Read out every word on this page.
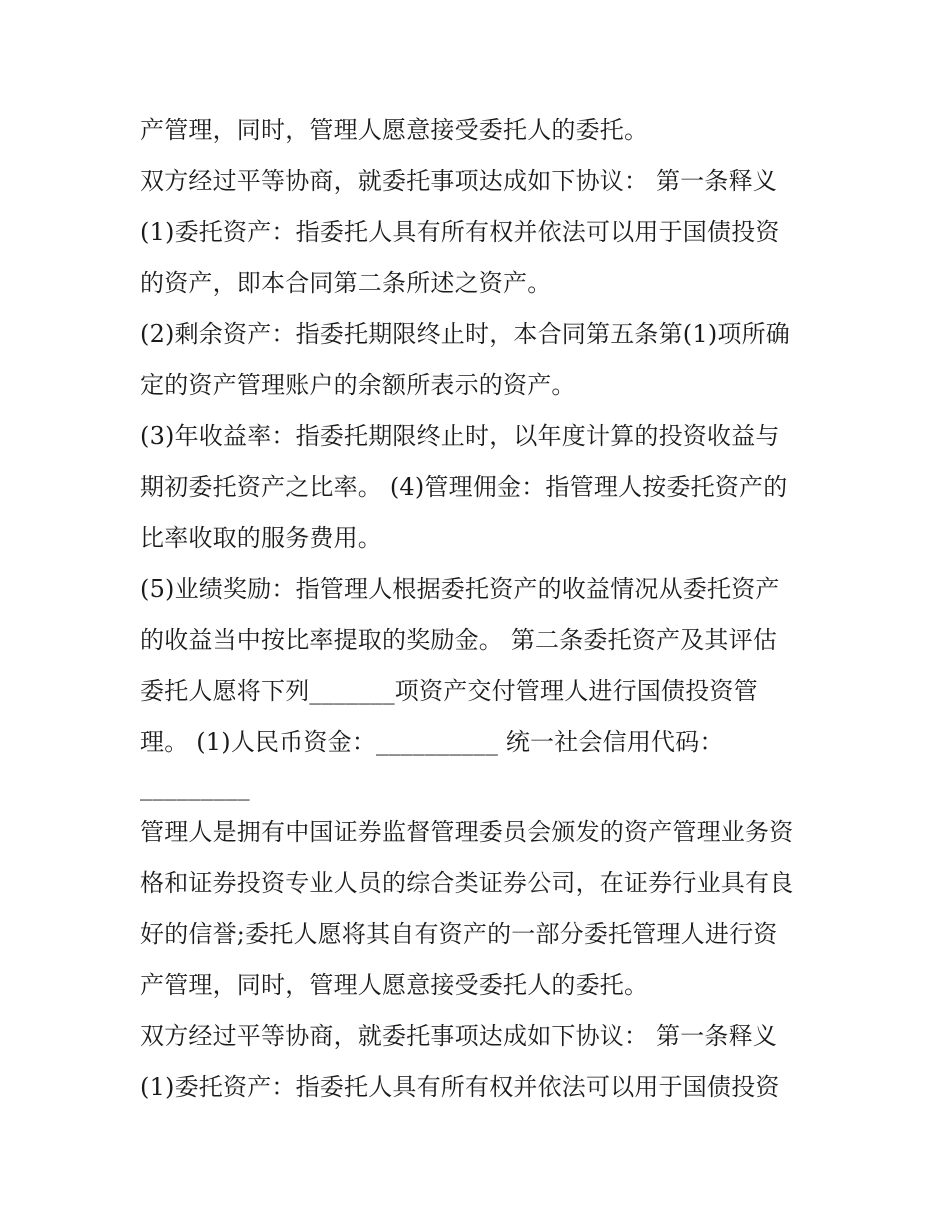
产管理，同时，管理人愿意接受委托人的委托。
双方经过平等协商，就委托事项达成如下协议： 第一条释义
(1)委托资产：指委托人具有所有权并依法可以用于国债投资
的资产，即本合同第二条所述之资产。
(2)剩余资产：指委托期限终止时，本合同第五条第(1)项所确
定的资产管理账户的余额所表示的资产。
(3)年收益率：指委托期限终止时，以年度计算的投资收益与
期初委托资产之比率。 (4)管理佣金：指管理人按委托资产的
比率收取的服务费用。
(5)业绩奖励：指管理人根据委托资产的收益情况从委托资产
的收益当中按比率提取的奖励金。 第二条委托资产及其评估
委托人愿将下列_______项资产交付管理人进行国债投资管
理。 (1)人民币资金：__________ 统一社会信用代码：
_________
管理人是拥有中国证券监督管理委员会颁发的资产管理业务资
格和证券投资专业人员的综合类证券公司，在证券行业具有良
好的信誉;委托人愿将其自有资产的一部分委托管理人进行资
产管理，同时，管理人愿意接受委托人的委托。
双方经过平等协商，就委托事项达成如下协议： 第一条释义
(1)委托资产：指委托人具有所有权并依法可以用于国债投资
